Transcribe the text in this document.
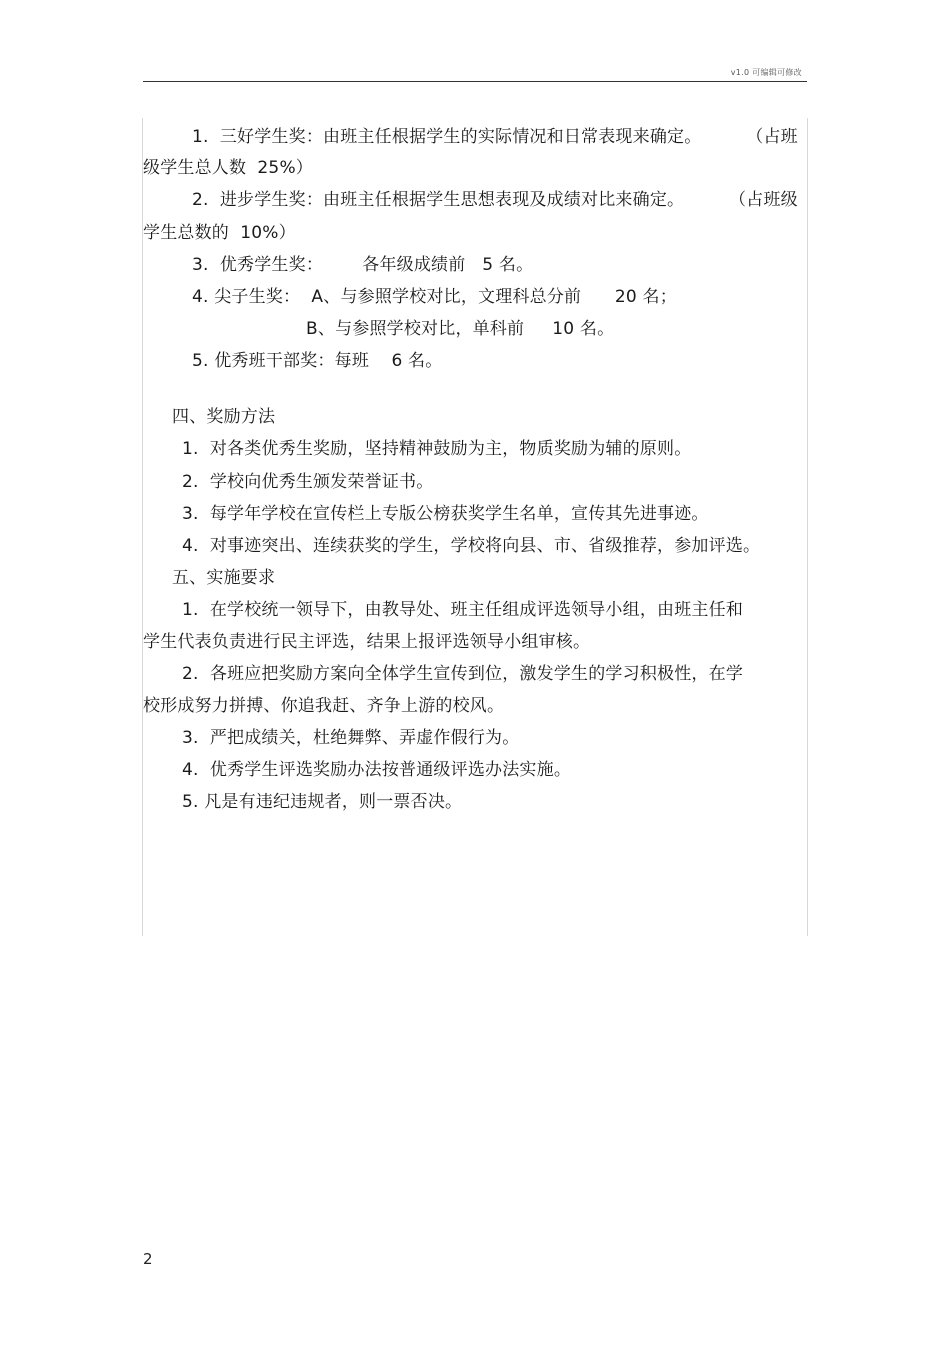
v1.0 可编辑可修改
1.  三好学生奖：由班主任根据学生的实际情况和日常表现来确定。        （占班
级学生总人数  25%）
2.  进步学生奖：由班主任根据学生思想表现及成绩对比来确定。        （占班级
学生总数的  10%）
3.  优秀学生奖：       各年级成绩前   5 名。
4. 尖子生奖：  A、与参照学校对比，文理科总分前      20 名；
B、与参照学校对比，单科前     10 名。
5. 优秀班干部奖：每班    6 名。
四、奖励方法
1.  对各类优秀生奖励，坚持精神鼓励为主，物质奖励为辅的原则。
2.  学校向优秀生颁发荣誉证书。
3.  每学年学校在宣传栏上专版公榜获奖学生名单，宣传其先进事迹。
4.  对事迹突出、连续获奖的学生，学校将向县、市、省级推荐，参加评选。
五、实施要求
1.  在学校统一领导下，由教导处、班主任组成评选领导小组，由班主任和
学生代表负责进行民主评选，结果上报评选领导小组审核。
2.  各班应把奖励方案向全体学生宣传到位，激发学生的学习积极性，在学
校形成努力拼搏、你追我赶、齐争上游的校风。
3.  严把成绩关，杜绝舞弊、弄虚作假行为。
4.  优秀学生评选奖励办法按普通级评选办法实施。
5. 凡是有违纪违规者，则一票否决。
2
